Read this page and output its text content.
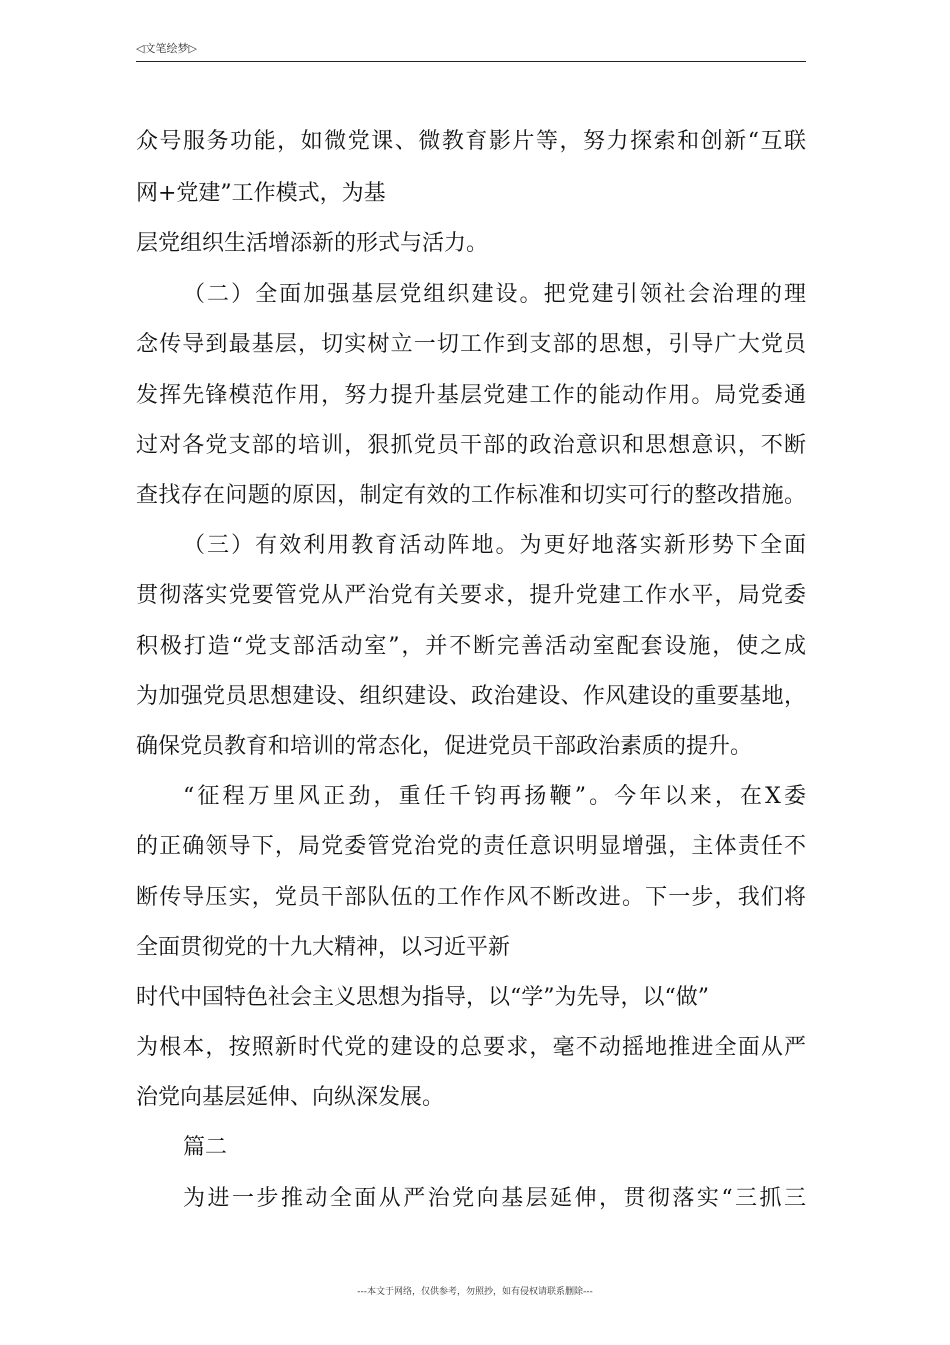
◁文笔绘梦▷
众号服务功能，如微党课、微教育影片等，努力探索和创新“互联
网+党建”工作模式，为基
层党组织生活增添新的形式与活力。
（二）全面加强基层党组织建设。把党建引领社会治理的理
念传导到最基层，切实树立一切工作到支部的思想，引导广大党员
发挥先锋模范作用，努力提升基层党建工作的能动作用。局党委通
过对各党支部的培训，狠抓党员干部的政治意识和思想意识，不断
查找存在问题的原因，制定有效的工作标准和切实可行的整改措施。
（三）有效利用教育活动阵地。为更好地落实新形势下全面
贯彻落实党要管党从严治党有关要求，提升党建工作水平，局党委
积极打造“党支部活动室”，并不断完善活动室配套设施，使之成
为加强党员思想建设、组织建设、政治建设、作风建设的重要基地，
确保党员教育和培训的常态化，促进党员干部政治素质的提升。
“征程万里风正劲，重任千钧再扬鞭”。今年以来，在X委
的正确领导下，局党委管党治党的责任意识明显增强，主体责任不
断传导压实，党员干部队伍的工作作风不断改进。下一步，我们将
全面贯彻党的十九大精神，以习近平新
时代中国特色社会主义思想为指导，以“学”为先导，以“做”
为根本，按照新时代党的建设的总要求，毫不动摇地推进全面从严
治党向基层延伸、向纵深发展。
篇二
为进一步推动全面从严治党向基层延伸，贯彻落实“三抓三
---本文于网络，仅供参考，勿照抄，如有侵权请联系删除---
